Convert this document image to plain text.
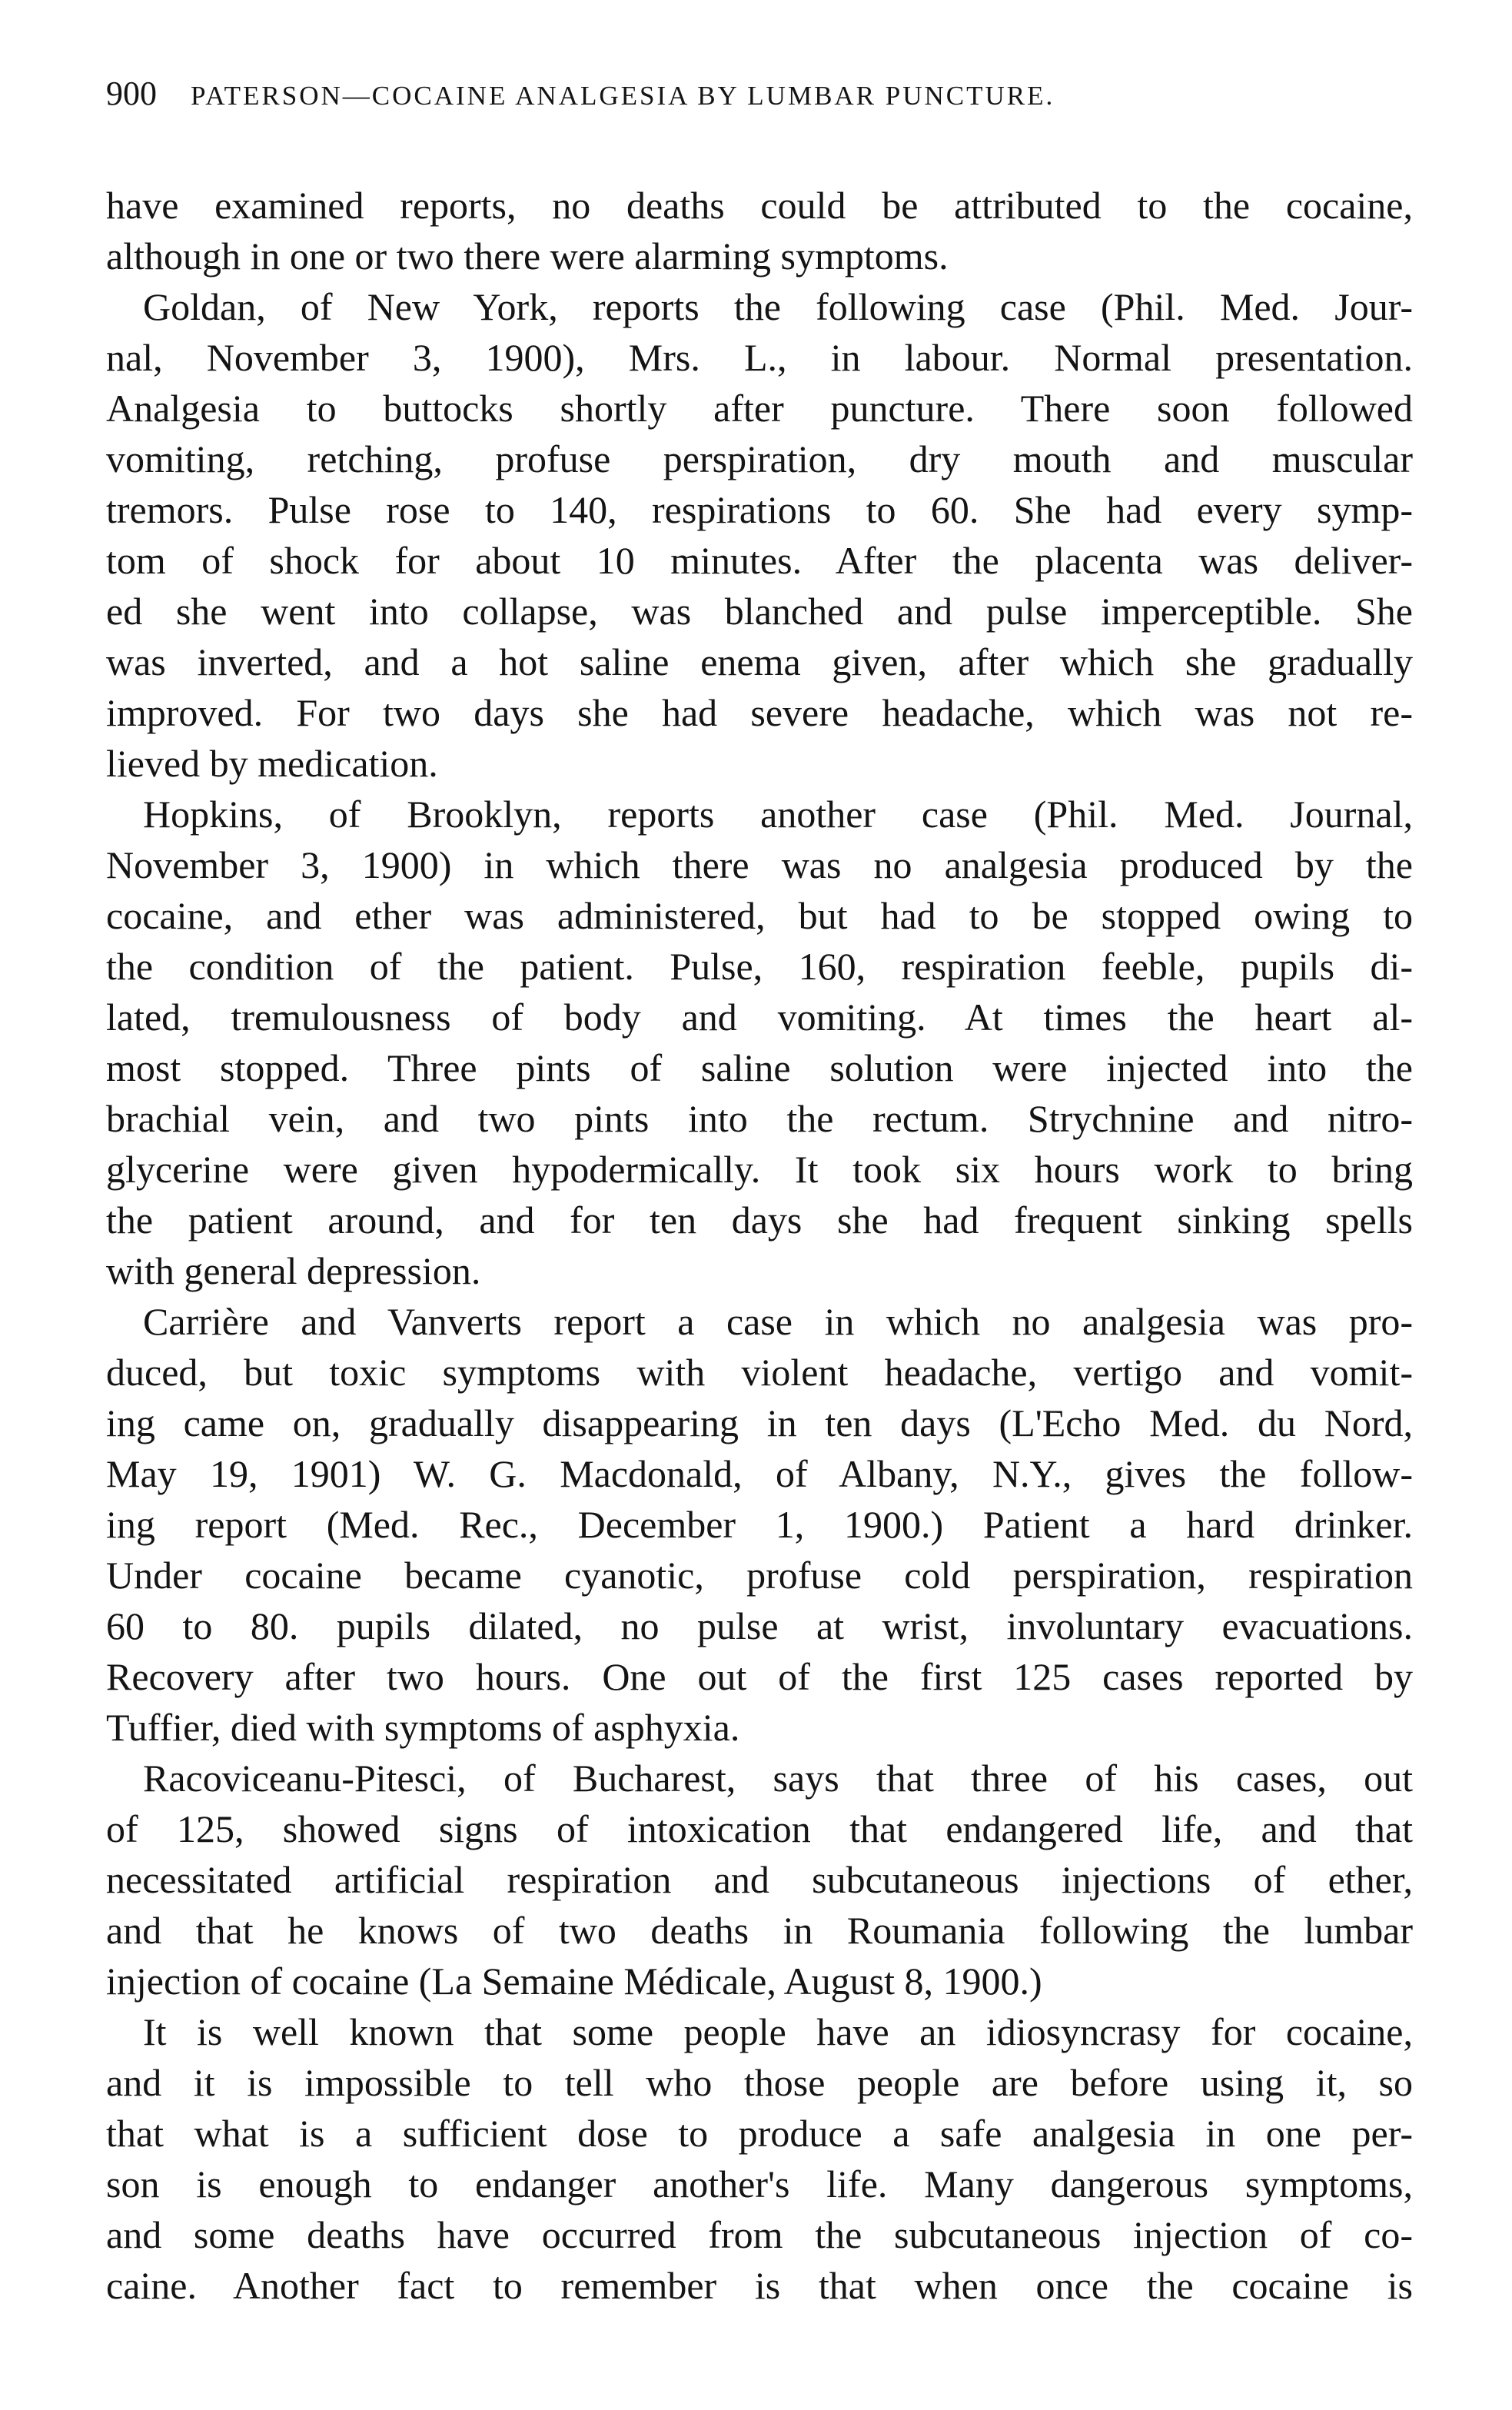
900 PATERSON—COCAINE ANALGESIA BY LUMBAR PUNCTURE.
have examined reports, no deaths could be attributed to the cocaine,
although in one or two there were alarming symptoms.
Goldan, of New York, reports the following case (Phil. Med. Jour-
nal, November 3, 1900), Mrs. L., in labour. Normal presentation.
Analgesia to buttocks shortly after puncture. There soon followed
vomiting, retching, profuse perspiration, dry mouth and muscular
tremors. Pulse rose to 140, respirations to 60. She had every symp-
tom of shock for about 10 minutes. After the placenta was deliver-
ed she went into collapse, was blanched and pulse imperceptible. She
was inverted, and a hot saline enema given, after which she gradually
improved. For two days she had severe headache, which was not re-
lieved by medication.
Hopkins, of Brooklyn, reports another case (Phil. Med. Journal,
November 3, 1900) in which there was no analgesia produced by the
cocaine, and ether was administered, but had to be stopped owing to
the condition of the patient. Pulse, 160, respiration feeble, pupils di-
lated, tremulousness of body and vomiting. At times the heart al-
most stopped. Three pints of saline solution were injected into the
brachial vein, and two pints into the rectum. Strychnine and nitro-
glycerine were given hypodermically. It took six hours work to bring
the patient around, and for ten days she had frequent sinking spells
with general depression.
Carrière and Vanverts report a case in which no analgesia was pro-
duced, but toxic symptoms with violent headache, vertigo and vomit-
ing came on, gradually disappearing in ten days (L'Echo Med. du Nord,
May 19, 1901) W. G. Macdonald, of Albany, N.Y., gives the follow-
ing report (Med. Rec., December 1, 1900.) Patient a hard drinker.
Under cocaine became cyanotic, profuse cold perspiration, respiration
60 to 80. pupils dilated, no pulse at wrist, involuntary evacuations.
Recovery after two hours. One out of the first 125 cases reported by
Tuffier, died with symptoms of asphyxia.
Racoviceanu-Pitesci, of Bucharest, says that three of his cases, out
of 125, showed signs of intoxication that endangered life, and that
necessitated artificial respiration and subcutaneous injections of ether,
and that he knows of two deaths in Roumania following the lumbar
injection of cocaine (La Semaine Médicale, August 8, 1900.)
It is well known that some people have an idiosyncrasy for cocaine,
and it is impossible to tell who those people are before using it, so
that what is a sufficient dose to produce a safe analgesia in one per-
son is enough to endanger another's life. Many dangerous symptoms,
and some deaths have occurred from the subcutaneous injection of co-
caine. Another fact to remember is that when once the cocaine is
